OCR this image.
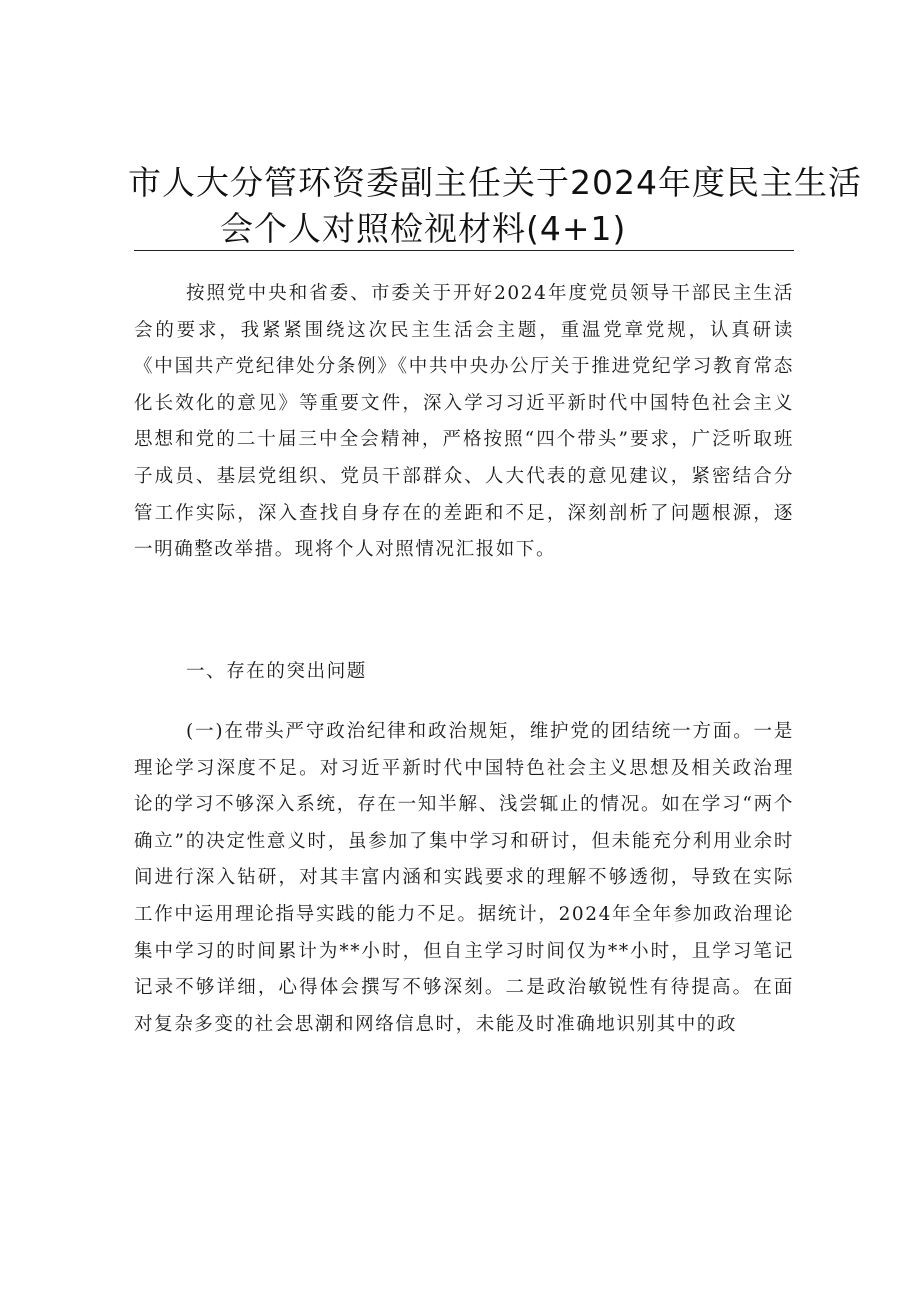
市人大分管环资委副主任关于2024年度民主生活
会个人对照检视材料(4+1)

按照党中央和省委、市委关于开好2024年度党员领导干部民主生活会的要求，我紧紧围绕这次民主生活会主题，重温党章党规，认真研读《中国共产党纪律处分条例》《中共中央办公厅关于推进党纪学习教育常态化长效化的意见》等重要文件，深入学习习近平新时代中国特色社会主义思想和党的二十届三中全会精神，严格按照“四个带头”要求，广泛听取班子成员、基层党组织、党员干部群众、人大代表的意见建议，紧密结合分管工作实际，深入查找自身存在的差距和不足，深刻剖析了问题根源，逐一明确整改举措。现将个人对照情况汇报如下。

一、存在的突出问题

(一)在带头严守政治纪律和政治规矩，维护党的团结统一方面。一是理论学习深度不足。对习近平新时代中国特色社会主义思想及相关政治理论的学习不够深入系统，存在一知半解、浅尝辄止的情况。如在学习“两个确立”的决定性意义时，虽参加了集中学习和研讨，但未能充分利用业余时间进行深入钻研，对其丰富内涵和实践要求的理解不够透彻，导致在实际工作中运用理论指导实践的能力不足。据统计，2024年全年参加政治理论集中学习的时间累计为**小时，但自主学习时间仅为**小时，且学习笔记记录不够详细，心得体会撰写不够深刻。二是政治敏锐性有待提高。在面对复杂多变的社会思潮和网络信息时，未能及时准确地识别其中的政
